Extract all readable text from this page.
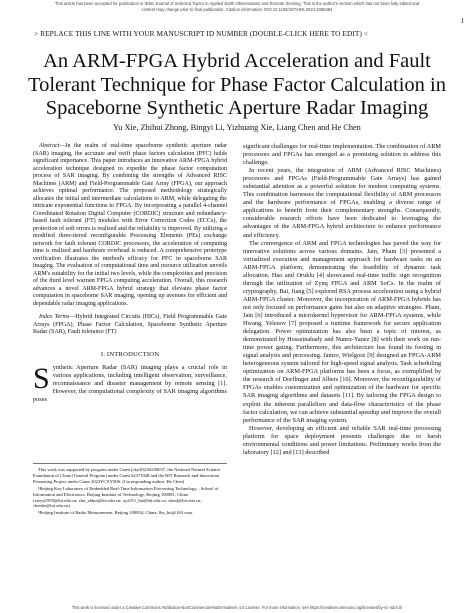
This article has been accepted for publication in IEEE Journal of Selected Topics in Applied Earth Observations and Remote Sensing. This is the author's version which has not been fully edited and
content may change prior to final publication. Citation information: DOI 10.1109/JSTARS.2024.3365484
1
> REPLACE THIS LINE WITH YOUR MANUSCRIPT ID NUMBER (DOUBLE-CLICK HERE TO EDIT) <
An ARM-FPGA Hybrid Acceleration and Fault Tolerant Technique for Phase Factor Calculation in Spaceborne Synthetic Aperture Radar Imaging
Yu Xie, Zhihui Zhong, Bingyi Li, Yizhuang Xie, Liang Chen and He Chen

Abstract—In the realm of real-time spaceborne synthetic aperture radar (SAR) imaging, the accurate and swift phase factors calculation (PFC) holds significant importance. This paper introduces an innovative ARM-FPGA hybrid acceleration technique designed to expedite the phase factor computation process of SAR imaging. By combining the strengths of Advanced RISC Machines (ARM) and Field-Programmable Gate Array (FPGA), our approach achieves optimal performance. The proposed methodology strategically allocates the initial and intermediate calculations to ARM, while delegating the intricate exponential functions to FPGA. By incorporating a parallel 4-channel Coordinated Rotation Digital Computer (CORDIC) structure and redundancy-based fault tolerant (FT) modules with Error Correction Codes (ECCs), the protection of soft errors is realized and the reliability is improved. By utilizing a modified three-tiered reconfigurable Processing Elements (PEs) exchange network for fault tolerant CORDIC processors, the acceleration of computing time is realized and hardware overhead is reduced. A comprehensive prototype verification illustrates the method's efficacy for PFC in spaceborne SAR imaging. The evaluation of computational time and resource utilization unveils ARM's suitability for the initial two levels, while the complexities and precision of the third level warrant FPGA computing acceleration. Overall, this research advances a novel ARM-FPGA hybrid strategy that elevates phase factor computation in spaceborne SAR imaging, opening up avenues for efficient and dependable radar imaging applications.

Index Terms—Hybrid Integrated Circuits (HICs), Field Programmable Gate Arrays (FPGA), Phase Factor Calculation, Spaceborne Synthetic Aperture Radar (SAR), Fault tolerance (FT)

I. INTRODUCTION
S ynthetic Aperture Radar (SAR) imaging plays a crucial role in various applications, including intelligent observation, surveillance, reconnaissance and disaster management by remote sensing [1]. However, the computational complexity of SAR imaging algorithms poses

This work was supported by program under Grant jcky2021601B037, the National Natural Science Foundation of China (General Program) under Grant 62371048 and the BIT Research and Innovation Promoting Project under Grant 2023YCXY006. (Corresponding author: He Chen)

¹Beijing Key Laboratory of Embedded Real-Time Information Processing Technology, , School of Information and Electronics, Beijing Institute of Technology, Beijing 100081, China (xieyu1993@bit.edu.cn; zhu_zhhui@bit.edu.cn; xyz551_bit@bit.edu.cn; chenl@bit.edu.cn; chenhe@bit.edu.cn).

²Beijing Institute of Radio Measurement, Beijing 100854, China; lby_bit@163.com.

significant challenges for real-time implementation. The combination of ARM processors and FPGAs has emerged as a promising solution to address this challenge.

In recent years, the integration of ARM (Advanced RISC Machines) processors and FPGAs (Field-Programmable Gate Arrays) has gained substantial attention as a powerful solution for modern computing systems. This combination harnesses the computational flexibility of ARM processors and the hardware performance of FPGAs, enabling a diverse range of applications to benefit from their complementary strengths. Consequently, considerable research efforts have been dedicated to leveraging the advantages of the ARM-FPGA hybrid architecture to enhance performance and efficiency.

The convergence of ARM and FPGA technologies has paved the way for innovative solutions across various domains. Jain, Pham [3] presented a virtualized execution and management approach for hardware tasks on an ARM-FPGA platform, demonstrating the feasibility of dynamic task allocation. Hao and Oruklu [4] showcased real-time traffic sign recognition through the utilization of Zynq FPGA and ARM SoCs. In the realm of cryptography, Bai, Jiang [5] explored RSA process acceleration using a hybrid ARM-FPGA cluster. Moreover, the incorporation of ARM-FPGA hybrids has not only focused on performance gains but also on adaptive strategies. Pham, Jain [6] introduced a microkernel hypervisor for ARM-FPGA systems, while Hwang, Yeleuov [7] proposed a runtime framework for secure application delegation. Power optimization has also been a topic of interest, as demonstrated by Hosseinabady and Nunez-Yanez [8] with their work on run-time power gating. Furthermore, this architecture has found its footing in signal analysis and processing. Jamro, Wielgosz [9] designed an FPGA-ARM heterogeneous system tailored for high-speed signal analysis. Task scheduling optimization on ARM-FPGA platforms has been a focus, as exemplified by the research of Dorflinger and Albers [10]. Moreover, the reconfigurability of FPGAs enables customization and optimization of the hardware for specific SAR imaging algorithms and datasets [11]. By tailoring the FPGA design to exploit the inherent parallelism and data-flow characteristics of the phase factor calculation, we can achieve substantial speedup and improve the overall performance of the SAR imaging system.

However, developing an efficient and reliable SAR real-time processing platform for space deployment presents challenges due to harsh environmental conditions and power limitations. Preliminary works from the laboratory [12] and [13] described

This work is licensed under a Creative Commons Attribution-NonCommercial-NoDerivatives 4.0 License. For more information, see https://creativecommons.org/licenses/by-nc-nd/4.0/
